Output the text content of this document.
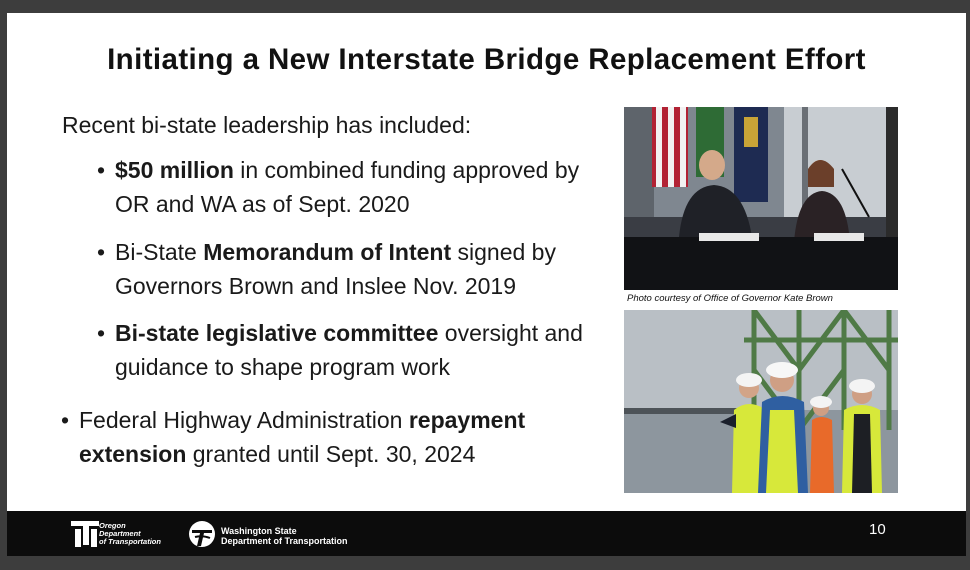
Initiating a New Interstate Bridge Replacement Effort
Recent bi-state leadership has included:
• $50 million in combined funding approved by OR and WA as of Sept. 2020
• Bi-State Memorandum of Intent signed by Governors Brown and Inslee Nov. 2019
• Bi-state legislative committee oversight and guidance to shape program work
• Federal Highway Administration repayment extension granted until Sept. 30, 2024
Photo courtesy of Office of Governor Kate Brown
Oregon
Department
of Transportation
Washington State
Department of Transportation
10
